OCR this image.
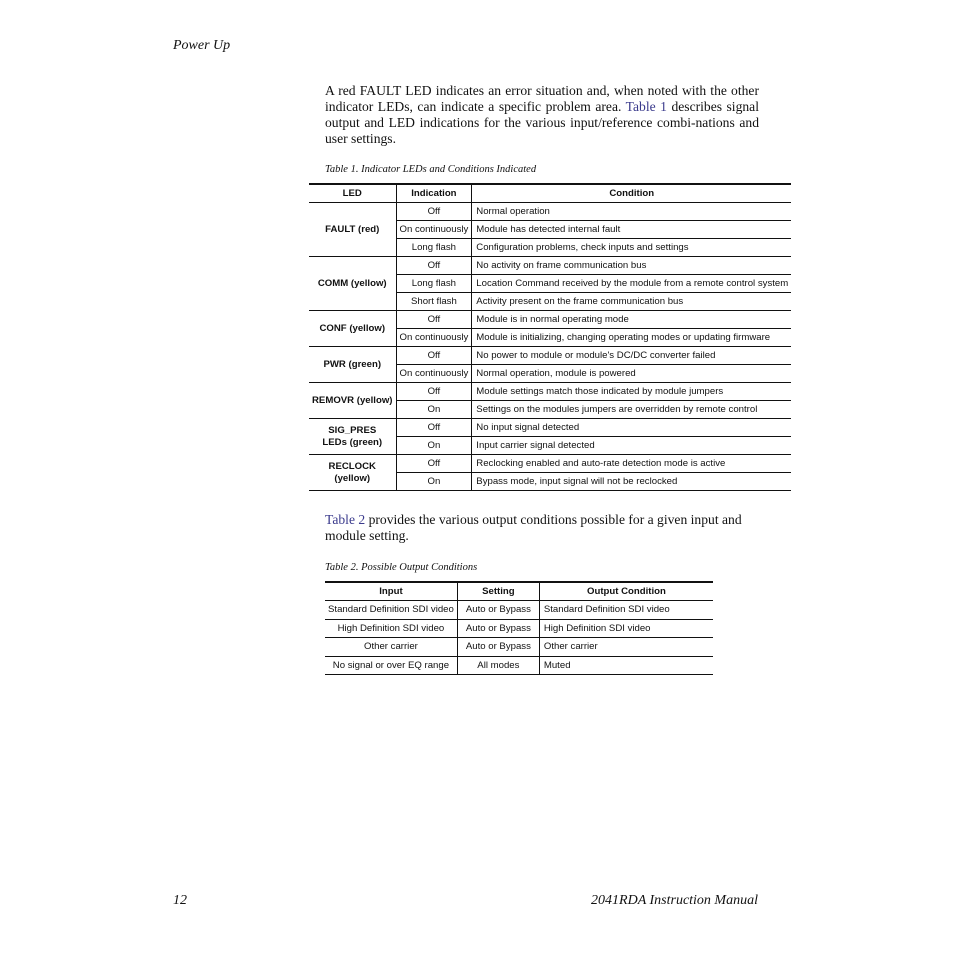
Power Up
A red FAULT LED indicates an error situation and, when noted with the other indicator LEDs, can indicate a specific problem area. Table 1 describes signal output and LED indications for the various input/reference combi-nations and user settings.
Table 1. Indicator LEDs and Conditions Indicated
LED	Indication	Condition
FAULT (red)	Off	Normal operation
	On continuously	Module has detected internal fault
	Long flash	Configuration problems, check inputs and settings
COMM (yellow)	Off	No activity on frame communication bus
	Long flash	Location Command received by the module from a remote control system
	Short flash	Activity present on the frame communication bus
CONF (yellow)	Off	Module is in normal operating mode
	On continuously	Module is initializing, changing operating modes or updating firmware
PWR (green)	Off	No power to module or module's DC/DC converter failed
	On continuously	Normal operation, module is powered
REMOVR (yellow)	Off	Module settings match those indicated by module jumpers
	On	Settings on the modules jumpers are overridden by remote control
SIG_PRES
LEDs (green)	Off	No input signal detected
	On	Input carrier signal detected
RECLOCK
(yellow)	Off	Reclocking enabled and auto-rate detection mode is active
	On	Bypass mode, input signal will not be reclocked
Table 2 provides the various output conditions possible for a given input and module setting.
Table 2. Possible Output Conditions
Input	Setting	Output Condition
Standard Definition SDI video	Auto or Bypass	Standard Definition SDI video
High Definition SDI video	Auto or Bypass	High Definition SDI video
Other carrier	Auto or Bypass	Other carrier
No signal or over EQ range	All modes	Muted
12	2041RDA Instruction Manual
